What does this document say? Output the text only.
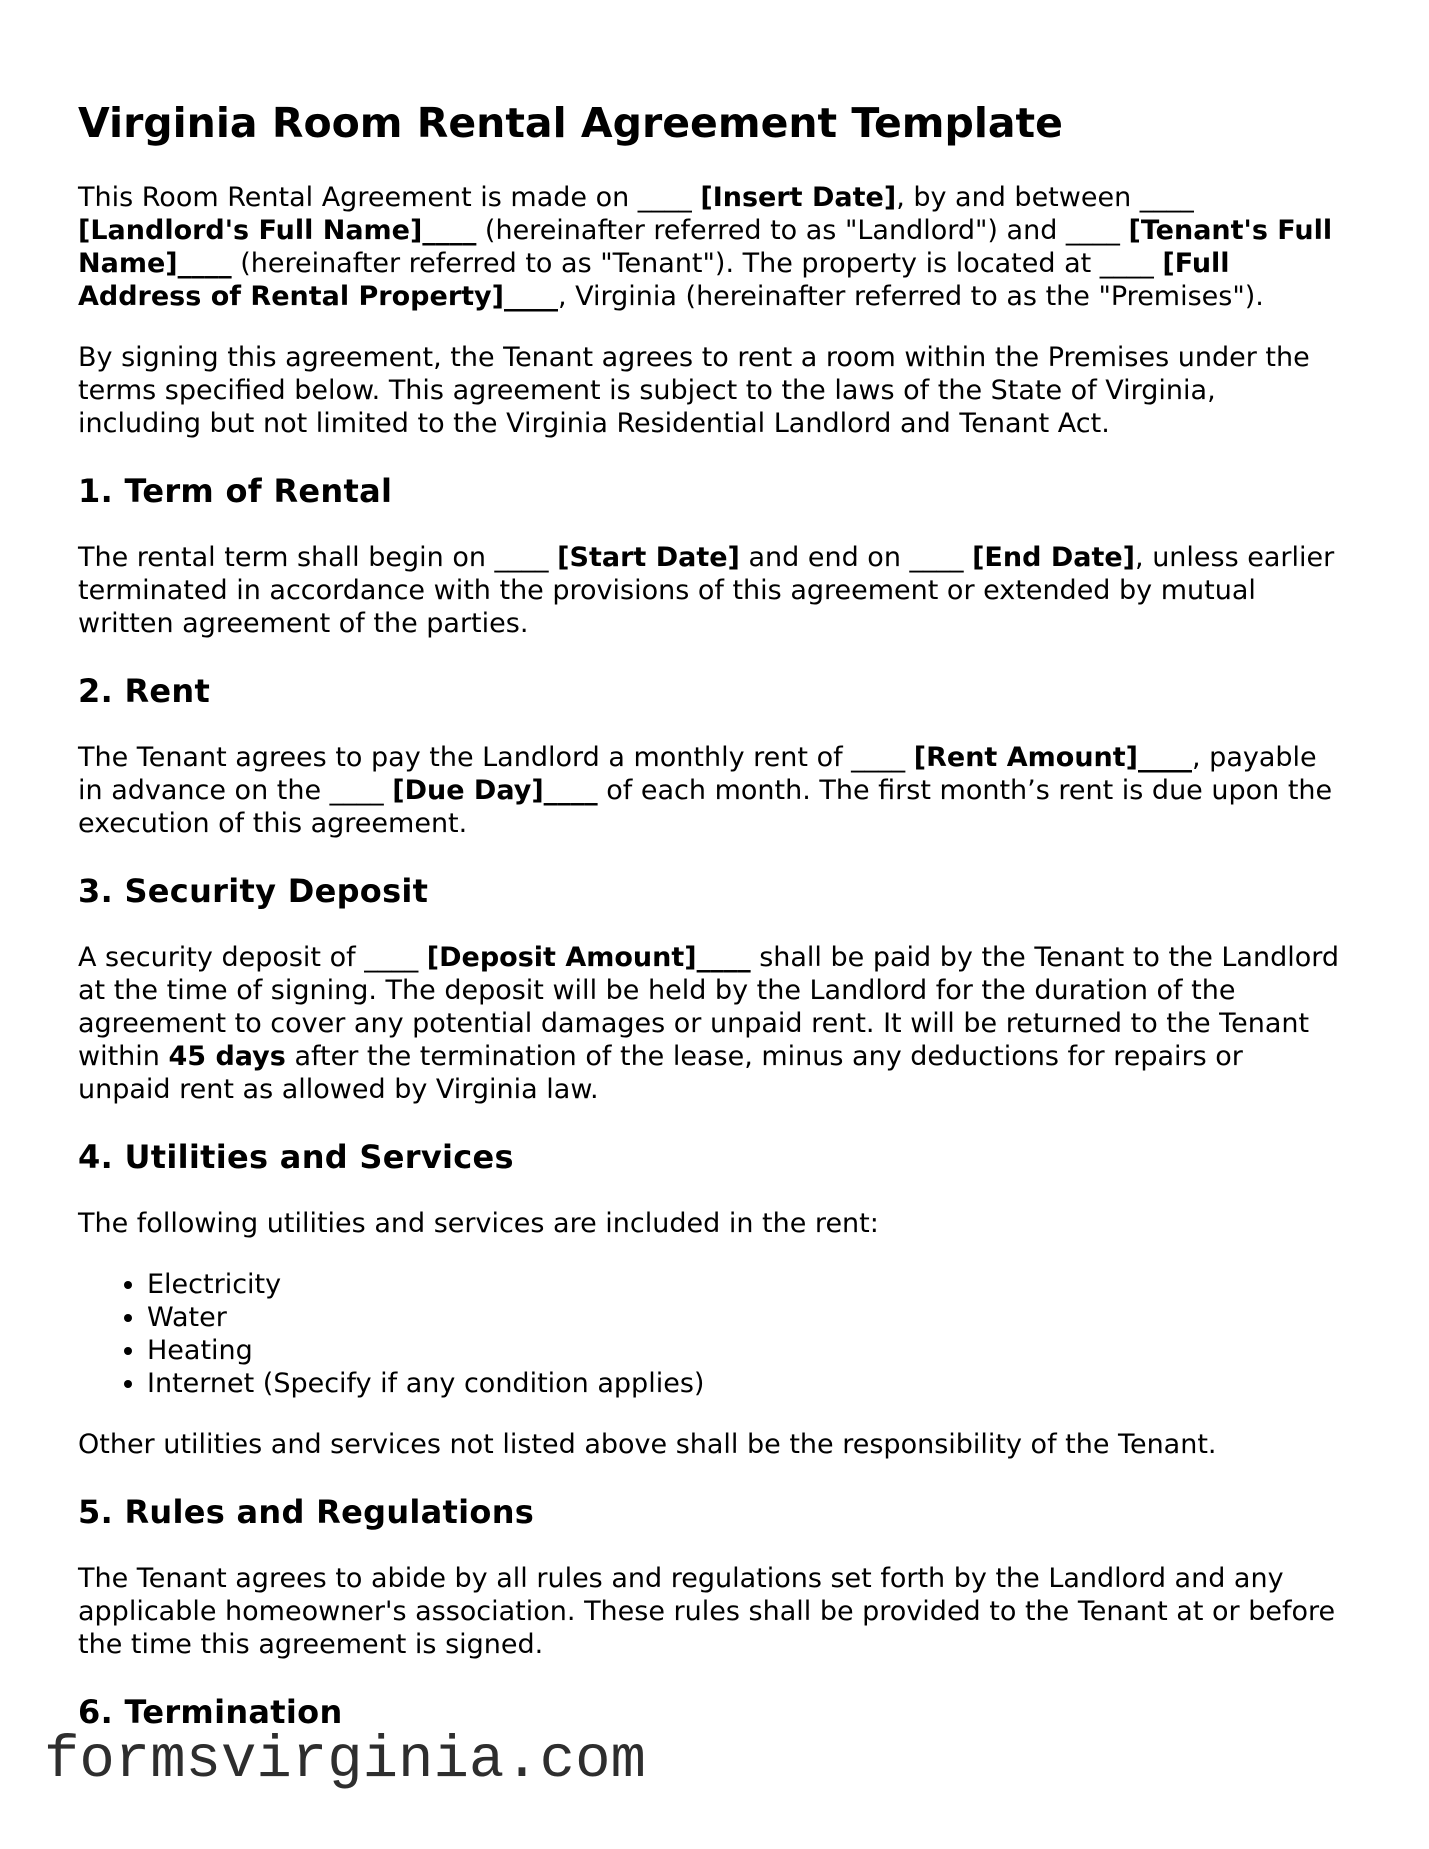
Virginia Room Rental Agreement Template

This Room Rental Agreement is made on ____ [Insert Date], by and between ____ [Landlord's Full Name]____ (hereinafter referred to as "Landlord") and ____ [Tenant's Full Name]____ (hereinafter referred to as "Tenant"). The property is located at ____ [Full Address of Rental Property]____, Virginia (hereinafter referred to as the "Premises").

By signing this agreement, the Tenant agrees to rent a room within the Premises under the terms specified below. This agreement is subject to the laws of the State of Virginia, including but not limited to the Virginia Residential Landlord and Tenant Act.

1. Term of Rental

The rental term shall begin on ____ [Start Date] and end on ____ [End Date], unless earlier terminated in accordance with the provisions of this agreement or extended by mutual written agreement of the parties.

2. Rent

The Tenant agrees to pay the Landlord a monthly rent of ____ [Rent Amount]____, payable in advance on the ____ [Due Day]____ of each month. The first month’s rent is due upon the execution of this agreement.

3. Security Deposit

A security deposit of ____ [Deposit Amount]____ shall be paid by the Tenant to the Landlord at the time of signing. The deposit will be held by the Landlord for the duration of the agreement to cover any potential damages or unpaid rent. It will be returned to the Tenant within 45 days after the termination of the lease, minus any deductions for repairs or unpaid rent as allowed by Virginia law.

4. Utilities and Services

The following utilities and services are included in the rent:

• Electricity
• Water
• Heating
• Internet (Specify if any condition applies)

Other utilities and services not listed above shall be the responsibility of the Tenant.

5. Rules and Regulations

The Tenant agrees to abide by all rules and regulations set forth by the Landlord and any applicable homeowner's association. These rules shall be provided to the Tenant at or before the time this agreement is signed.

6. Termination
formsvirginia.com
